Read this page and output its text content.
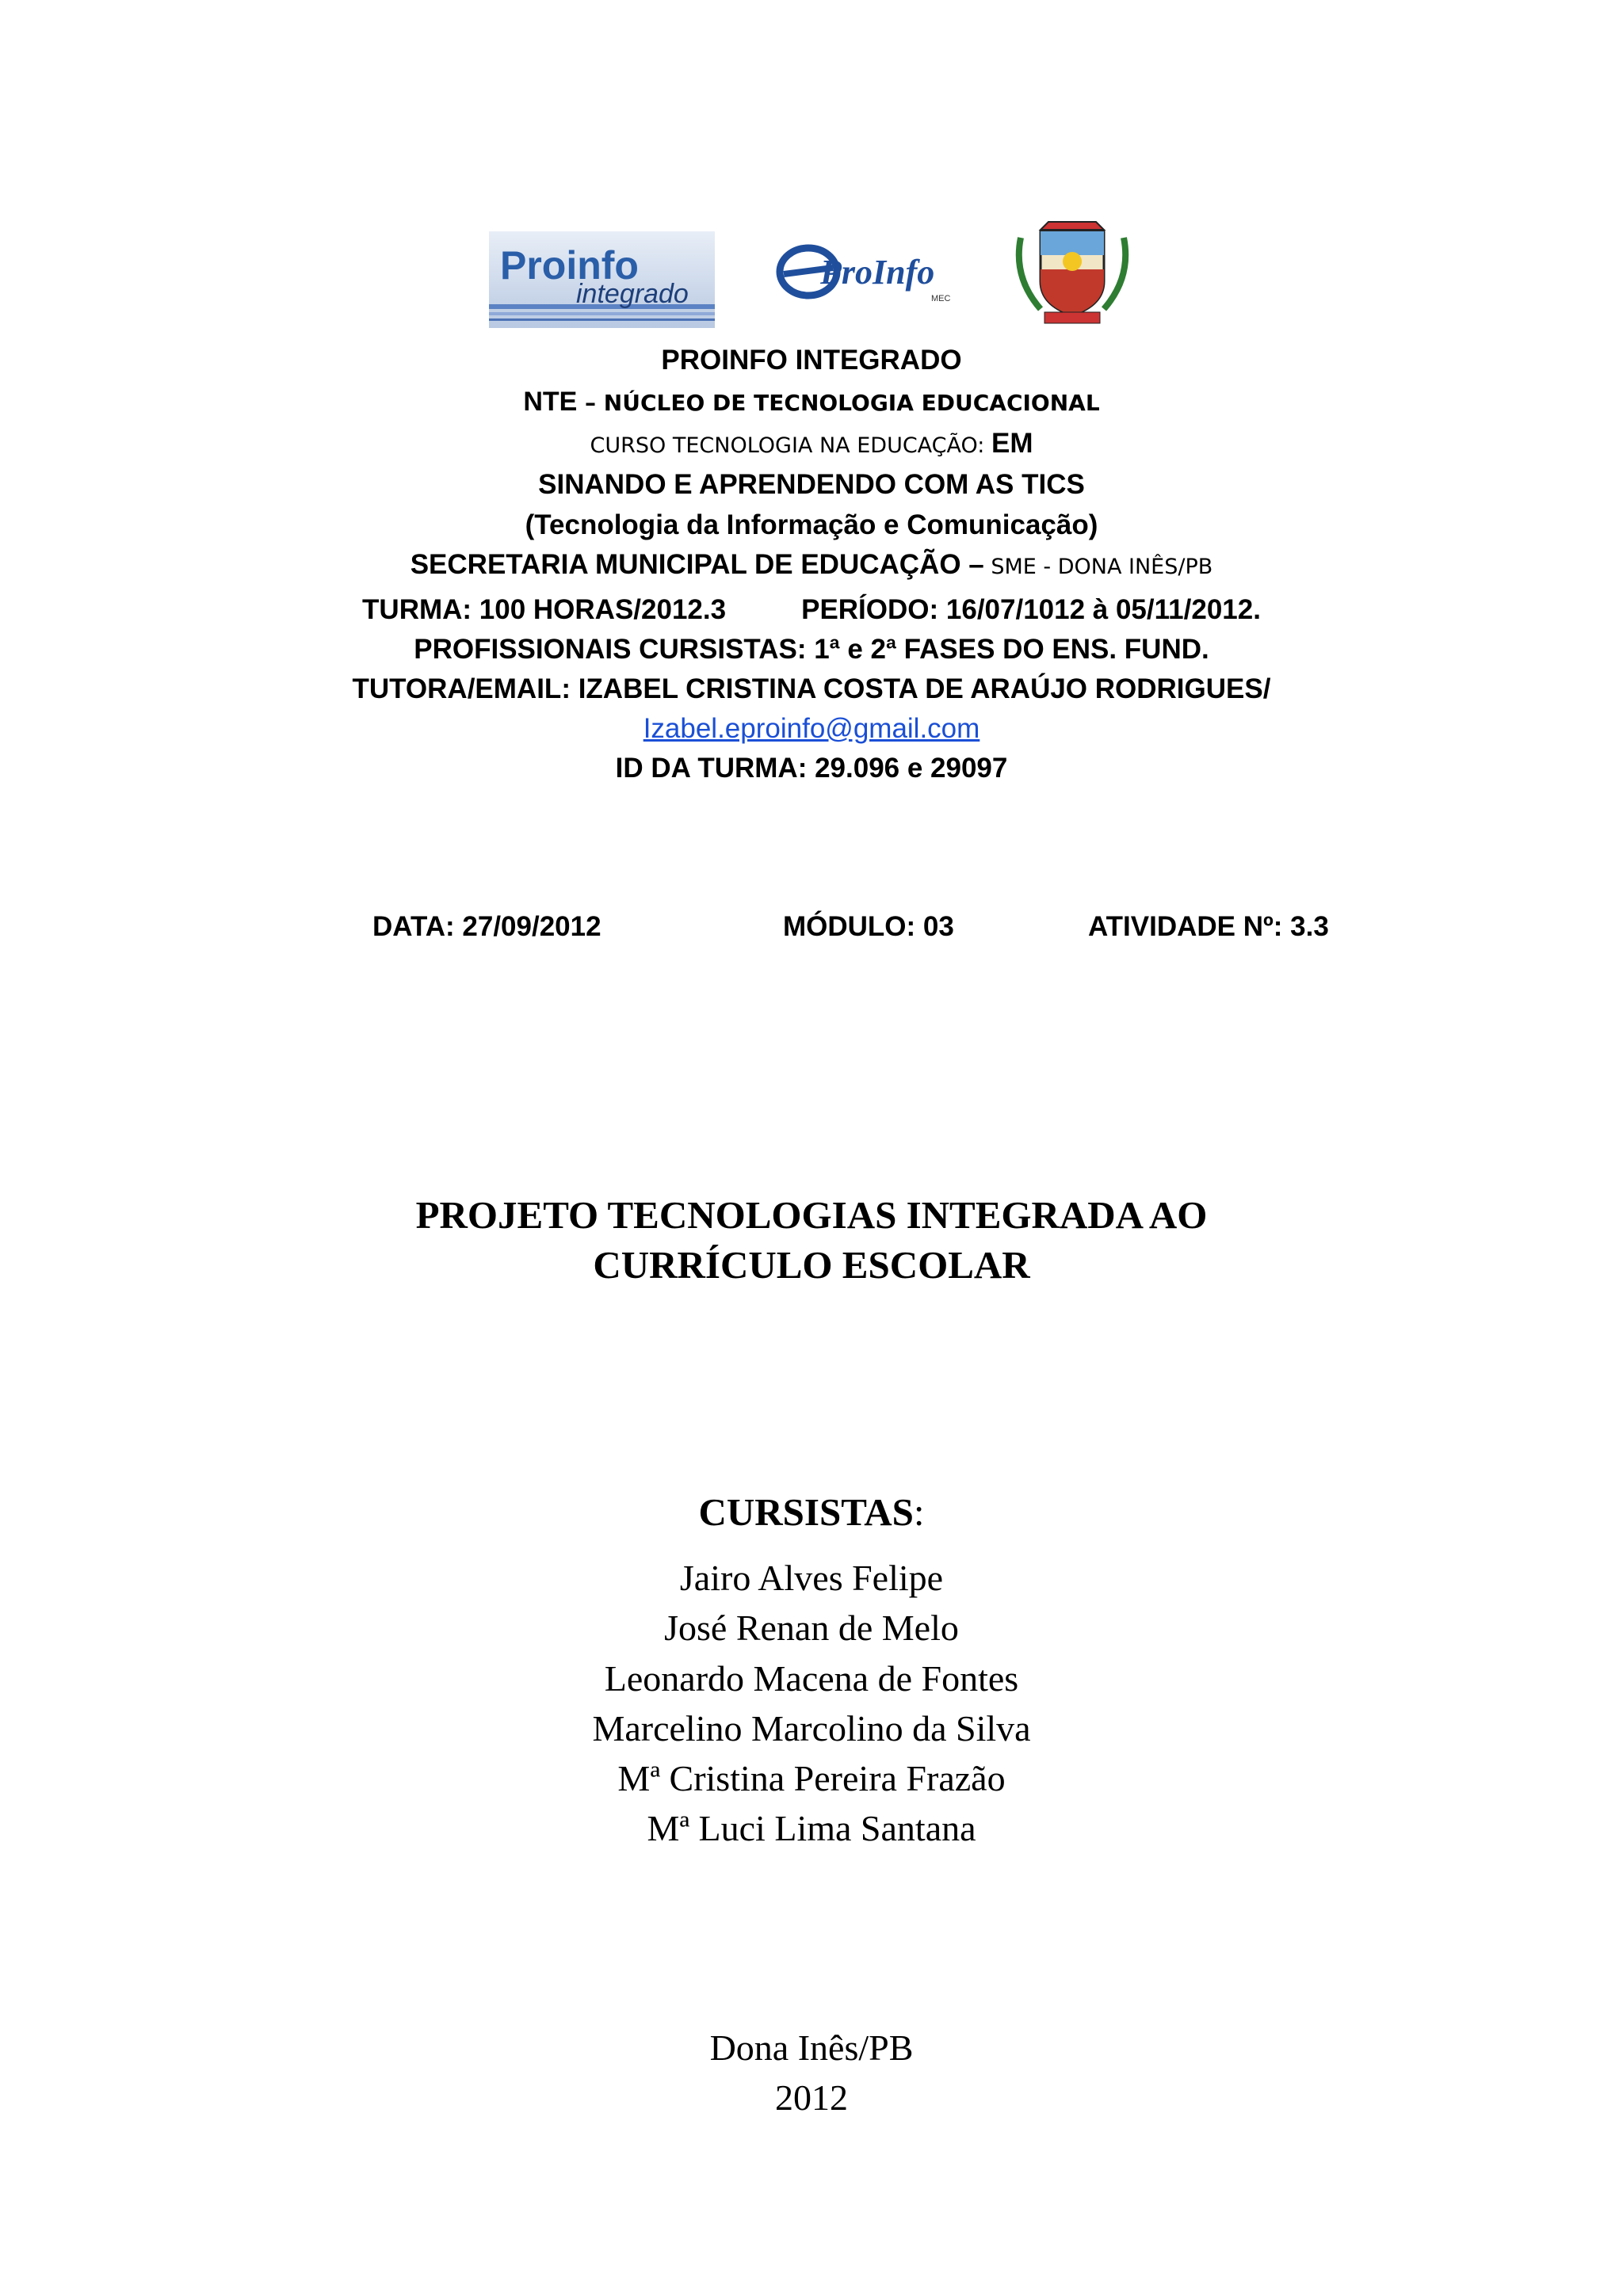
Proinfo
integrado
ProInfo
MEC
PROINFO INTEGRADO
NTE – NÚCLEO DE TECNOLOGIA EDUCACIONAL
CURSO TECNOLOGIA NA EDUCAÇÃO: EM
SINANDO E APRENDENDO COM AS TICS
(Tecnologia da Informação e Comunicação)
SECRETARIA MUNICIPAL DE EDUCAÇÃO – SME - DONA INÊS/PB
TURMA: 100 HORAS/2012.3	PERÍODO: 16/07/1012 à 05/11/2012.
PROFISSIONAIS CURSISTAS: 1ª e 2ª FASES DO ENS. FUND.
TUTORA/EMAIL: IZABEL CRISTINA COSTA DE ARAÚJO RODRIGUES/
Izabel.eproinfo@gmail.com
ID DA TURMA: 29.096 e 29097
DATA: 27/09/2012	MÓDULO: 03	ATIVIDADE Nº: 3.3
PROJETO TECNOLOGIAS INTEGRADA AO
CURRÍCULO ESCOLAR
CURSISTAS:
Jairo Alves Felipe
José Renan de Melo
Leonardo Macena de Fontes
Marcelino Marcolino da Silva
Mª Cristina Pereira Frazão
Mª Luci Lima Santana
Dona Inês/PB
2012
